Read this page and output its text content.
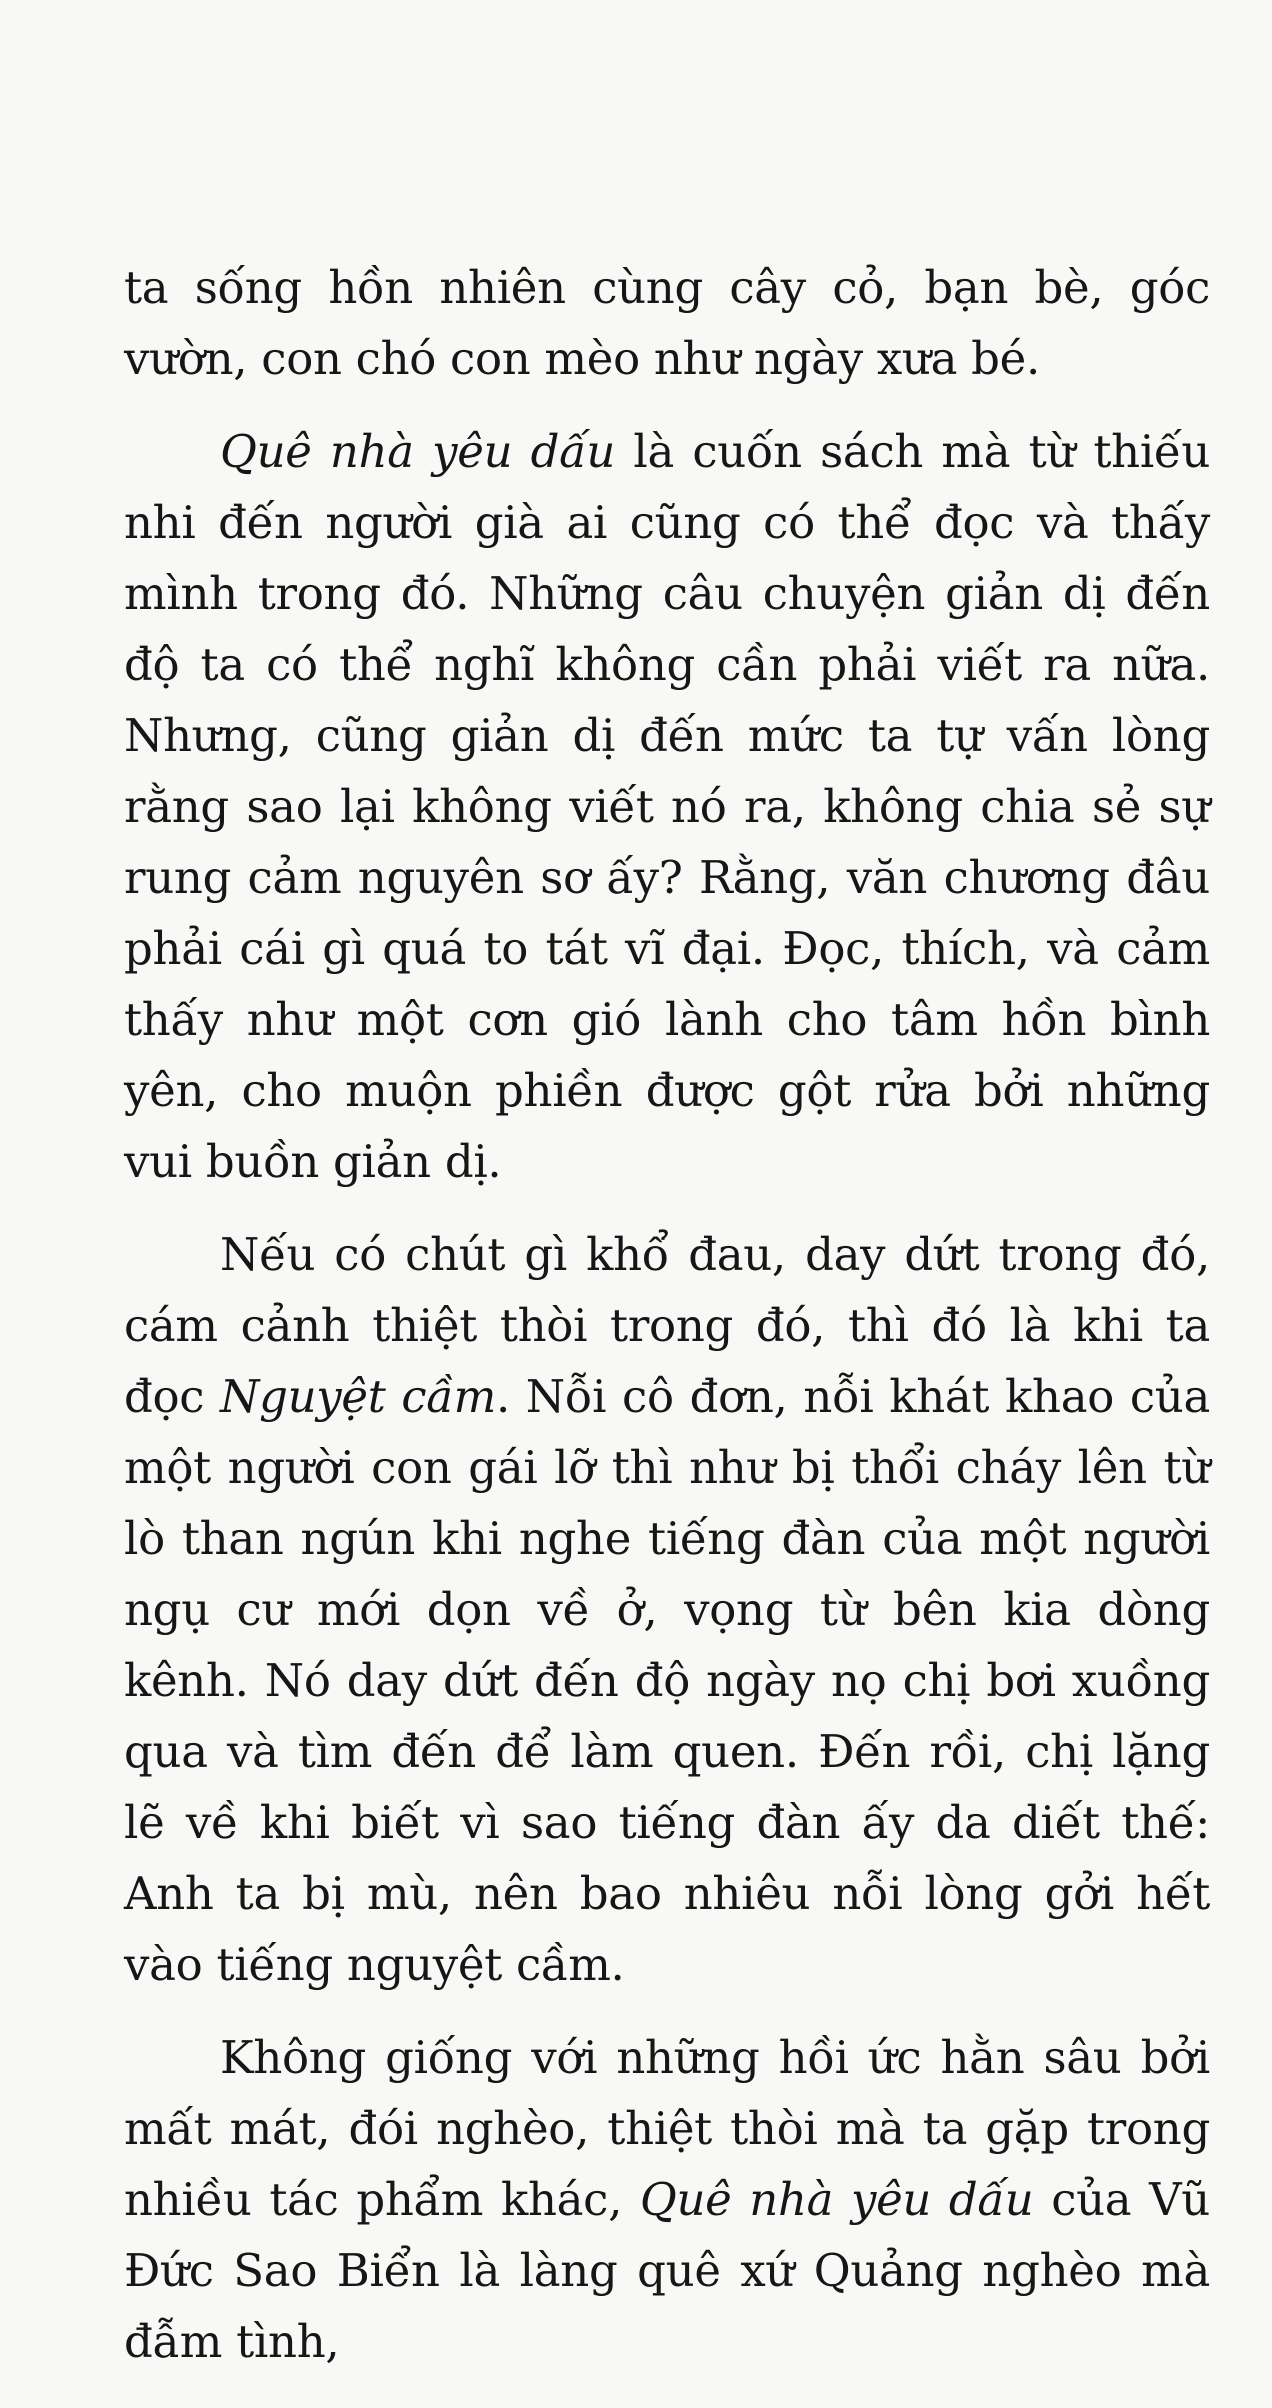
ta sống hồn nhiên cùng cây cỏ, bạn bè, góc vườn, con chó con mèo như ngày xưa bé.

Quê nhà yêu dấu là cuốn sách mà từ thiếu nhi đến người già ai cũng có thể đọc và thấy mình trong đó. Những câu chuyện giản dị đến độ ta có thể nghĩ không cần phải viết ra nữa. Nhưng, cũng giản dị đến mức ta tự vấn lòng rằng sao lại không viết nó ra, không chia sẻ sự rung cảm nguyên sơ ấy? Rằng, văn chương đâu phải cái gì quá to tát vĩ đại. Đọc, thích, và cảm thấy như một cơn gió lành cho tâm hồn bình yên, cho muộn phiền được gột rửa bởi những vui buồn giản dị.

Nếu có chút gì khổ đau, day dứt trong đó, cám cảnh thiệt thòi trong đó, thì đó là khi ta đọc Nguyệt cầm. Nỗi cô đơn, nỗi khát khao của một người con gái lỡ thì như bị thổi cháy lên từ lò than ngún khi nghe tiếng đàn của một người ngụ cư mới dọn về ở, vọng từ bên kia dòng kênh. Nó day dứt đến độ ngày nọ chị bơi xuồng qua và tìm đến để làm quen. Đến rồi, chị lặng lẽ về khi biết vì sao tiếng đàn ấy da diết thế: Anh ta bị mù, nên bao nhiêu nỗi lòng gởi hết vào tiếng nguyệt cầm.

Không giống với những hồi ức hằn sâu bởi mất mát, đói nghèo, thiệt thòi mà ta gặp trong nhiều tác phẩm khác, Quê nhà yêu dấu của Vũ Đức Sao Biển là làng quê xứ Quảng nghèo mà đẫm tình,
